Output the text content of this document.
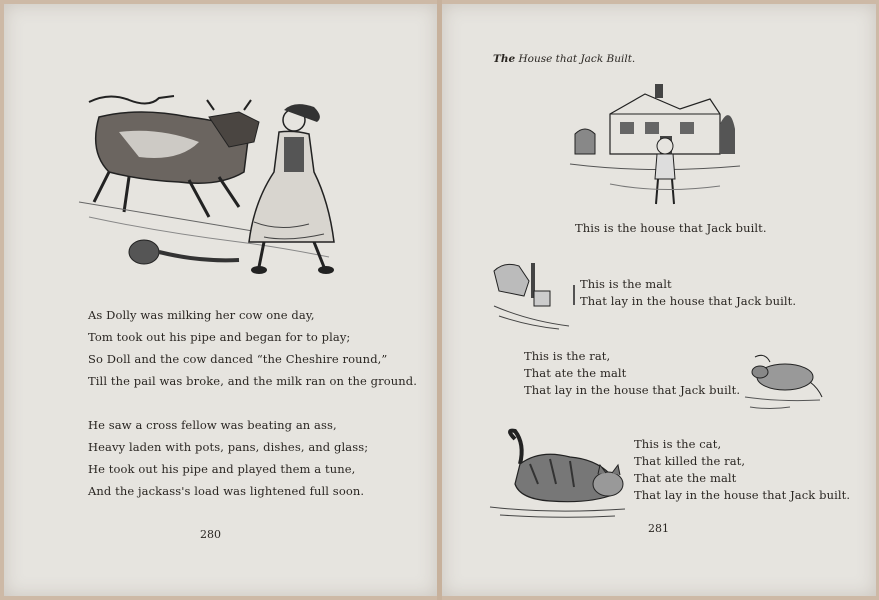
As Dolly was milking her cow one day,
Tom took out his pipe and began for to play;
So Doll and the cow danced “the Cheshire round,”
Till the pail was broke, and the milk ran on the ground.
He saw a cross fellow was beating an ass,
Heavy laden with pots, pans, dishes, and glass;
He took out his pipe and played them a tune,
And the jackass's load was lightened full soon.
280
The House that Jack Built.
This is the house that Jack built.
This is the malt
That lay in the house that Jack built.
This is the rat,
That ate the malt
That lay in the house that Jack built.
This is the cat,
That killed the rat,
That ate the malt
That lay in the house that Jack built.
281
